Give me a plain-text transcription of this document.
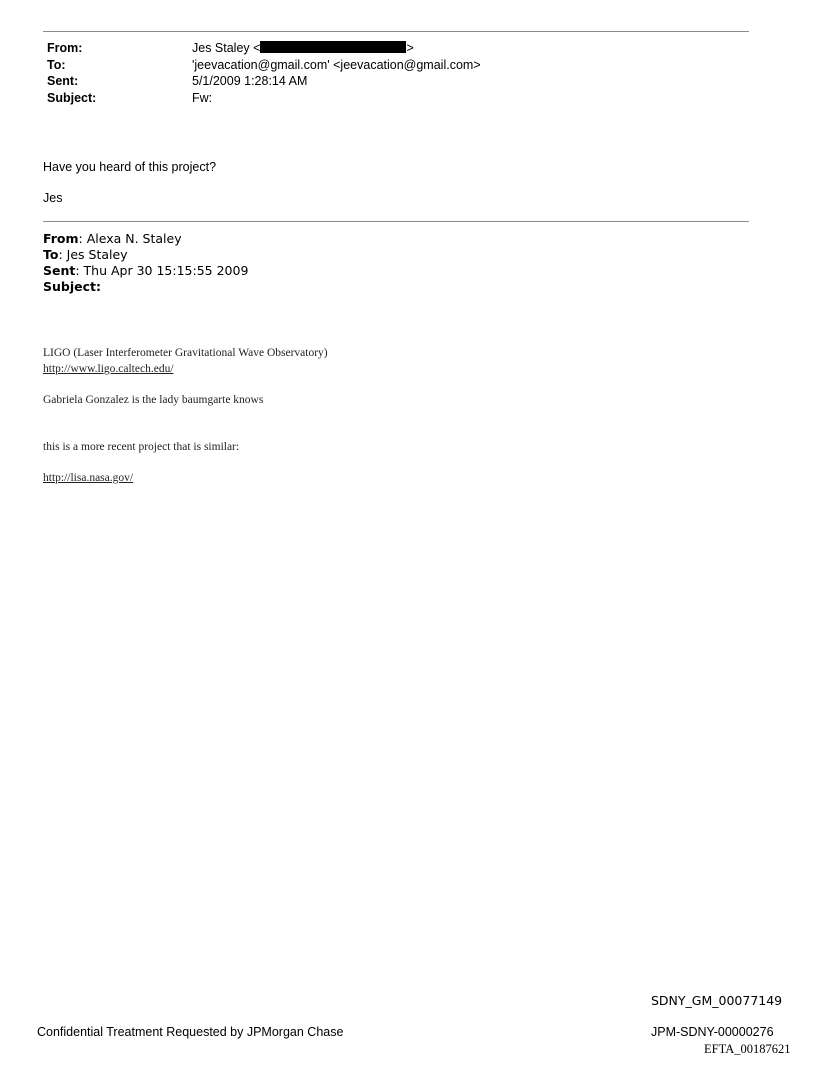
From:	Jes Staley <	>
To:	'jeevacation@gmail.com' <jeevacation@gmail.com>
Sent:	5/1/2009 1:28:14 AM
Subject:	Fw:
Have you heard of this project?
Jes
From: Alexa N. Staley
To: Jes Staley
Sent: Thu Apr 30 15:15:55 2009
Subject:
LIGO (Laser Interferometer Gravitational Wave Observatory)
http://www.ligo.caltech.edu/
Gabriela Gonzalez is the lady baumgarte knows
this is a more recent project that is similar:
http://lisa.nasa.gov/
SDNY_GM_00077149
Confidential Treatment Requested by JPMorgan Chase	JPM-SDNY-00000276
EFTA_00187621
